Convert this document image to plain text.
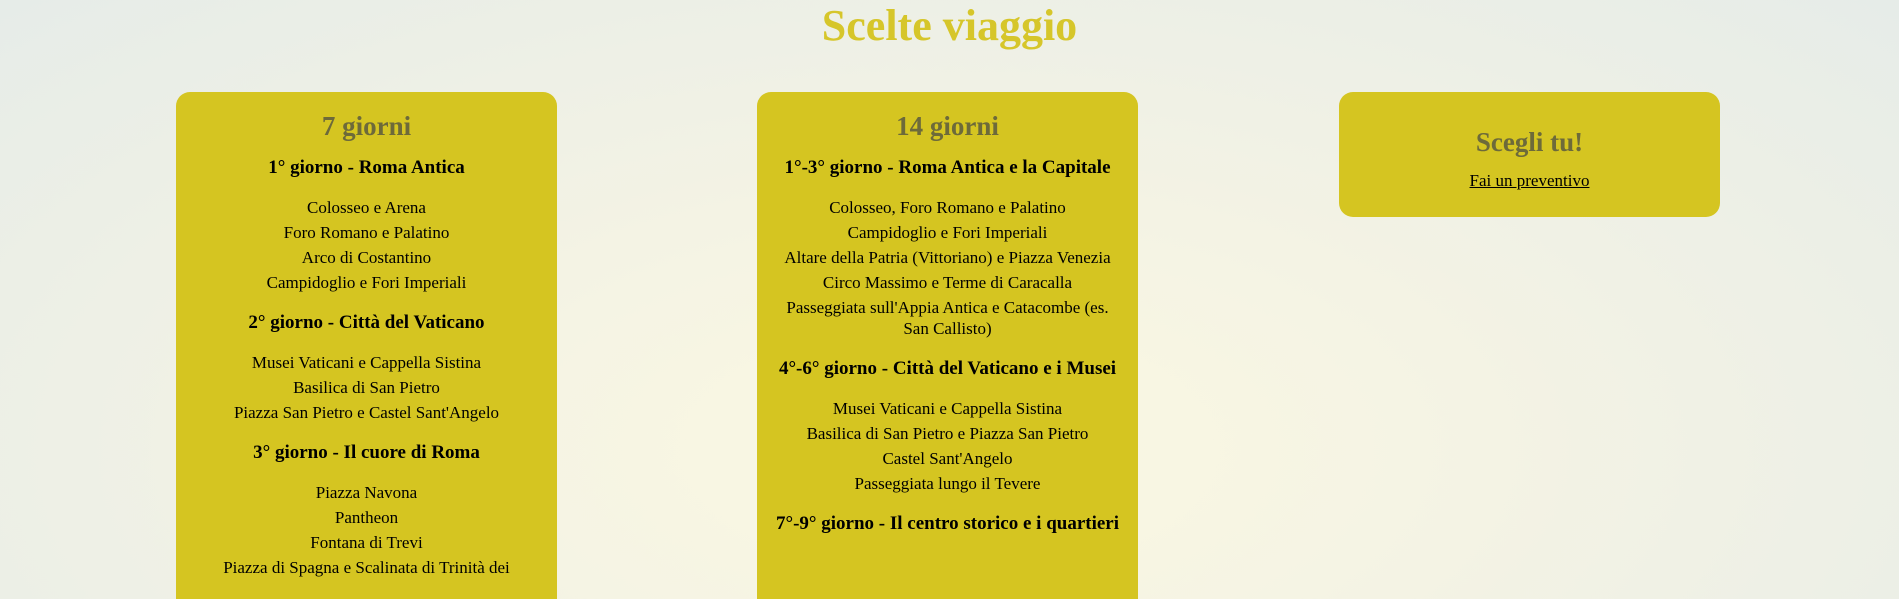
Scelte viaggio
7 giorni
1° giorno - Roma Antica
Colosseo e Arena
Foro Romano e Palatino
Arco di Costantino
Campidoglio e Fori Imperiali
2° giorno - Città del Vaticano
Musei Vaticani e Cappella Sistina
Basilica di San Pietro
Piazza San Pietro e Castel Sant'Angelo
3° giorno - Il cuore di Roma
Piazza Navona
Pantheon
Fontana di Trevi
Piazza di Spagna e Scalinata di Trinità dei
14 giorni
1°-3° giorno - Roma Antica e la Capitale
Colosseo, Foro Romano e Palatino
Campidoglio e Fori Imperiali
Altare della Patria (Vittoriano) e Piazza Venezia
Circo Massimo e Terme di Caracalla
Passeggiata sull'Appia Antica e Catacombe (es. San Callisto)
4°-6° giorno - Città del Vaticano e i Musei
Musei Vaticani e Cappella Sistina
Basilica di San Pietro e Piazza San Pietro
Castel Sant'Angelo
Passeggiata lungo il Tevere
7°-9° giorno - Il centro storico e i quartieri
Scegli tu!
Fai un preventivo
